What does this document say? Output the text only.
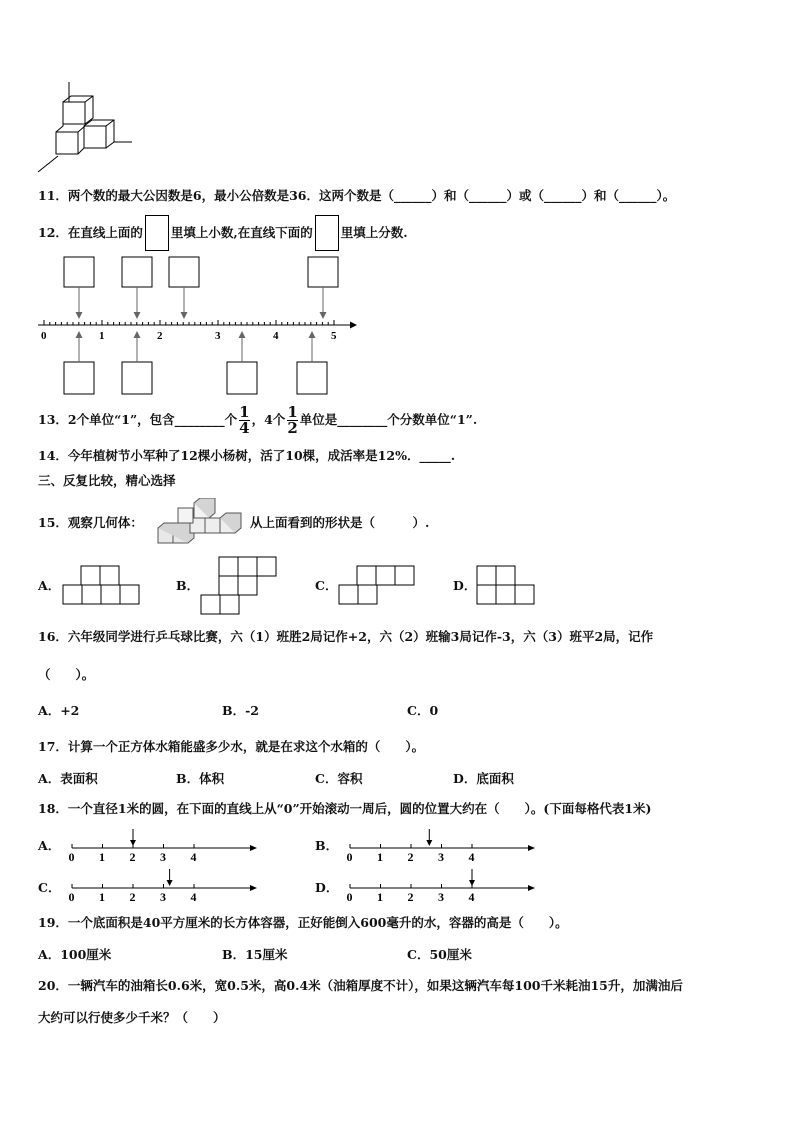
11．两个数的最大公因数是6，最小公倍数是36．这两个数是（______）和（______）或（______）和（______）。
12．在直线上面的 里填上小数,在直线下面的 里填上分数.
0	1	2	3	4	5
13．2个单位“1”，包含________个 $\frac{1}{4}$ ，4个 $\frac{1}{2}$ 单位是________个分数单位“1”.
14．今年植树节小军种了12棵小杨树，活了10棵，成活率是12%．_____.
三、反复比较，精心选择
15．观察几何体：	从上面看到的形状是（　　　）.
A．	B．	C．	D．
16．六年级同学进行乒乓球比赛，六（1）班胜2局记作+2，六（2）班输3局记作-3，六（3）班平2局，记作
（　　）。
A．+2	B．-2	C．0
17．计算一个正方体水箱能盛多少水，就是在求这个水箱的（　　）。
A．表面积	B．体积	C．容积	D．底面积
18．一个直径1米的圆，在下面的直线上从“0”开始滚动一周后，圆的位置大约在（　　）。(下面每格代表1米)
A．	B．
C．	D．
0 1 2 3 4	0 1 2 3 4
0 1 2 3 4	0 1 2 3 4
19．一个底面积是40平方厘米的长方体容器，正好能倒入600毫升的水，容器的高是（　　）。
A．100厘米	B．15厘米	C．50厘米
20．一辆汽车的油箱长0.6米，宽0.5米，高0.4米（油箱厚度不计），如果这辆汽车每100千米耗油15升，加满油后
大约可以行使多少千米？（　　）
